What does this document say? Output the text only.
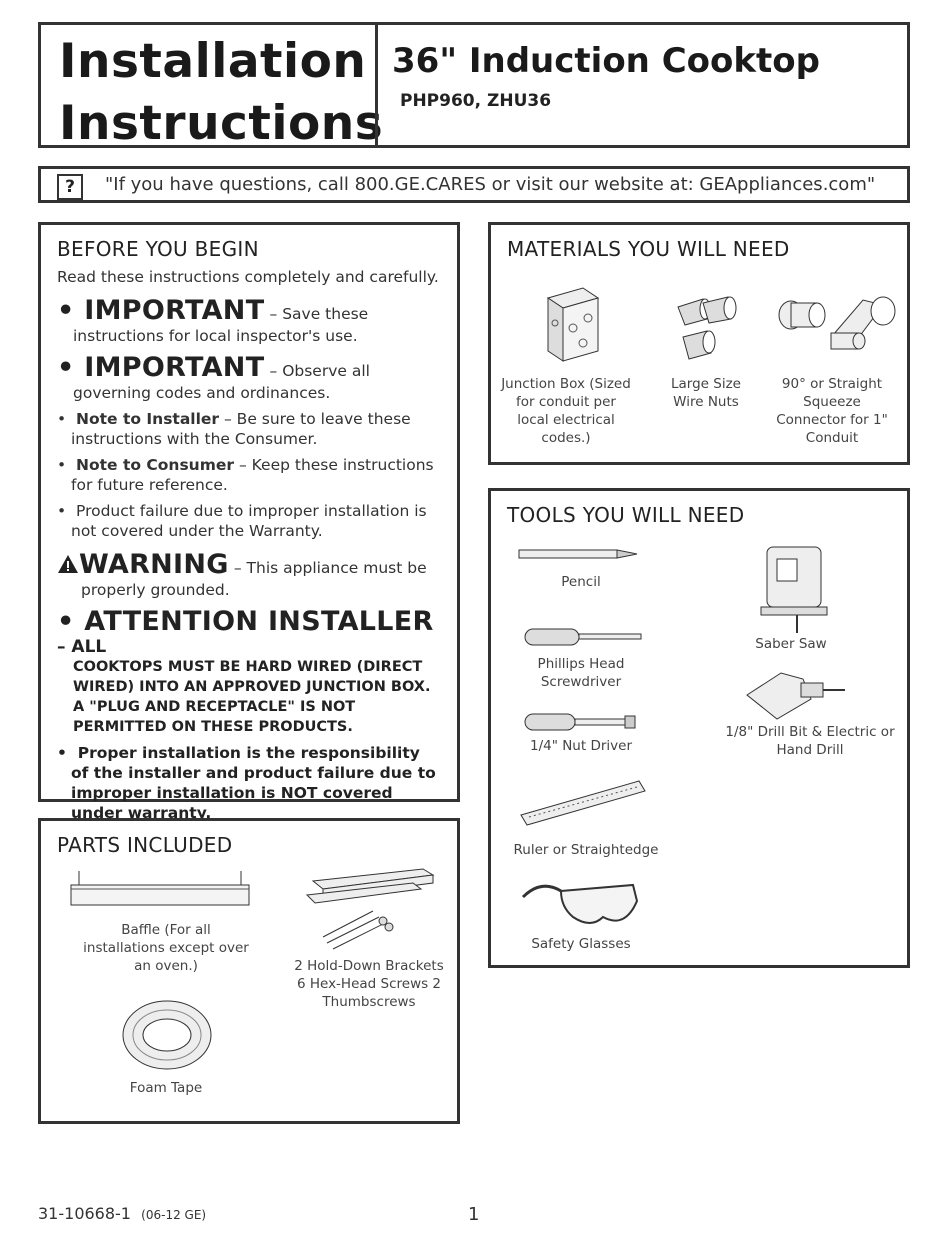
Installation
Instructions
36" Induction Cooktop
PHP960, ZHU36
?	"If you have questions, call 800.GE.CARES or visit our website at: GEAppliances.com"

BEFORE YOU BEGIN

Read these instructions completely and carefully.

• IMPORTANT – Save these instructions for local inspector's use.
• IMPORTANT – Observe all governing codes and ordinances.
•  Note to Installer – Be sure to leave these instructions with the Consumer.
•  Note to Consumer – Keep these instructions for future reference.
•  Product failure due to improper installation is not covered under the Warranty.
WARNING – This appliance must be properly grounded.
• ATTENTION INSTALLER – ALL

COOKTOPS MUST BE HARD WIRED (DIRECT WIRED) INTO AN APPROVED JUNCTION BOX. A "PLUG AND RECEPTACLE" IS NOT PERMITTED ON THESE PRODUCTS.

•  Proper installation is the responsibility of the installer and product failure due to improper installation is NOT covered under warranty.

MATERIALS YOU WILL NEED

Junction Box (Sized for conduit per local electrical codes.)
Large Size Wire Nuts
90° or Straight Squeeze Connector for 1" Conduit

TOOLS YOU WILL NEED

Pencil
Phillips Head Screwdriver
1/4" Nut Driver
Ruler or Straightedge
Safety Glasses
Saber Saw
1/8" Drill Bit & Electric or Hand Drill

PARTS INCLUDED

Baffle (For all installations except over an oven.)	2 Hold-Down Brackets 6 Hex-Head Screws 2 Thumbscrews
Foam Tape
31-10668-1 (06-12 GE)	1
